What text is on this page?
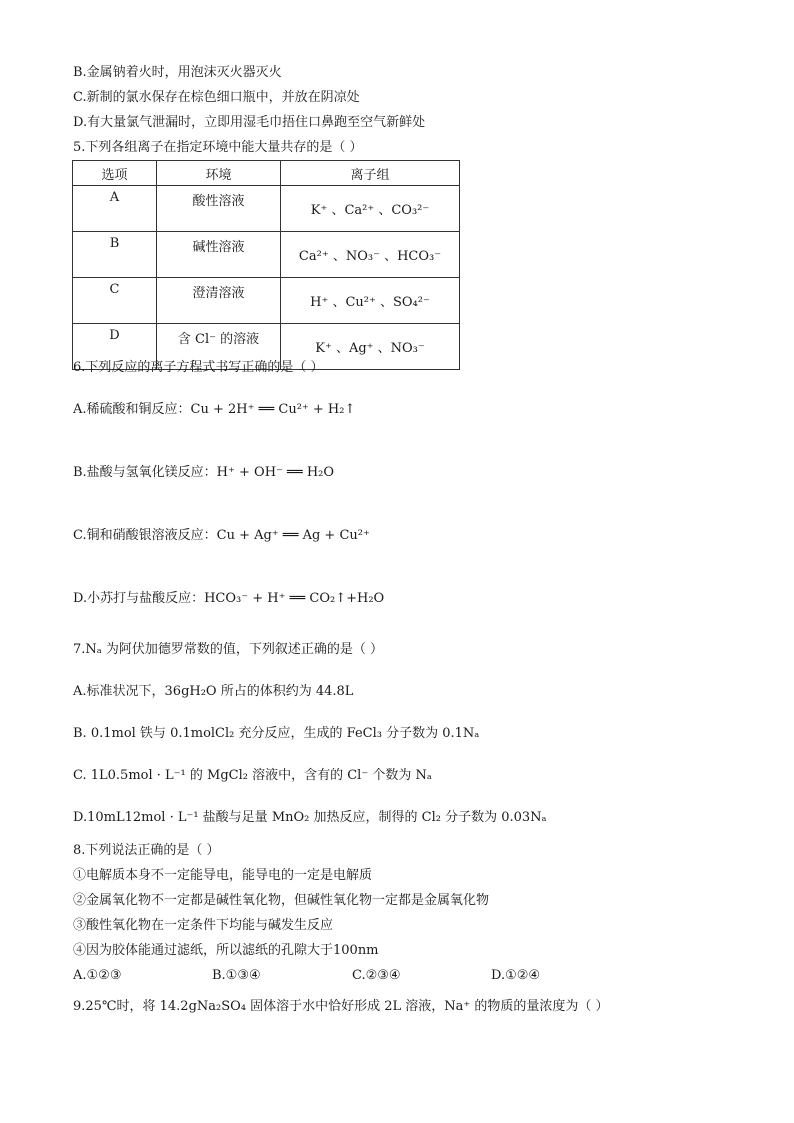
B.金属钠着火时，用泡沫灭火器灭火
C.新制的氯水保存在棕色细口瓶中，并放在阴凉处
D.有大量氯气泄漏时，立即用湿毛巾捂住口鼻跑至空气新鲜处
5.下列各组离子在指定环境中能大量共存的是（ ）
选项	环境	离子组
A	酸性溶液	K⁺ 、Ca²⁺ 、CO₃²⁻
B	碱性溶液	Ca²⁺ 、NO₃⁻ 、HCO₃⁻
C	澄清溶液	H⁺ 、Cu²⁺ 、SO₄²⁻
D	含 Cl⁻ 的溶液	K⁺ 、Ag⁺ 、NO₃⁻
6.下列反应的离子方程式书写正确的是（ ）
A.稀硫酸和铜反应：Cu + 2H⁺ ══ Cu²⁺ + H₂↑
B.盐酸与氢氧化镁反应：H⁺ + OH⁻ ══ H₂O
C.铜和硝酸银溶液反应：Cu + Ag⁺ ══ Ag + Cu²⁺
D.小苏打与盐酸反应：HCO₃⁻ + H⁺ ══ CO₂↑+H₂O
7.Nₐ 为阿伏加德罗常数的值，下列叙述正确的是（ ）
A.标准状况下，36gH₂O 所占的体积约为 44.8L
B. 0.1mol 铁与 0.1molCl₂ 充分反应，生成的 FeCl₃ 分子数为 0.1Nₐ
C. 1L0.5mol · L⁻¹ 的 MgCl₂ 溶液中，含有的 Cl⁻ 个数为 Nₐ
D.10mL12mol · L⁻¹ 盐酸与足量 MnO₂ 加热反应，制得的 Cl₂ 分子数为 0.03Nₐ
8.下列说法正确的是（ ）
①电解质本身不一定能导电，能导电的一定是电解质
②金属氧化物不一定都是碱性氧化物，但碱性氧化物一定都是金属氧化物
③酸性氧化物在一定条件下均能与碱发生反应
④因为胶体能通过滤纸，所以滤纸的孔隙大于100nm
A.①②③	B.①③④	C.②③④	D.①②④
9.25℃时，将 14.2gNa₂SO₄ 固体溶于水中恰好形成 2L 溶液，Na⁺ 的物质的量浓度为（ ）
